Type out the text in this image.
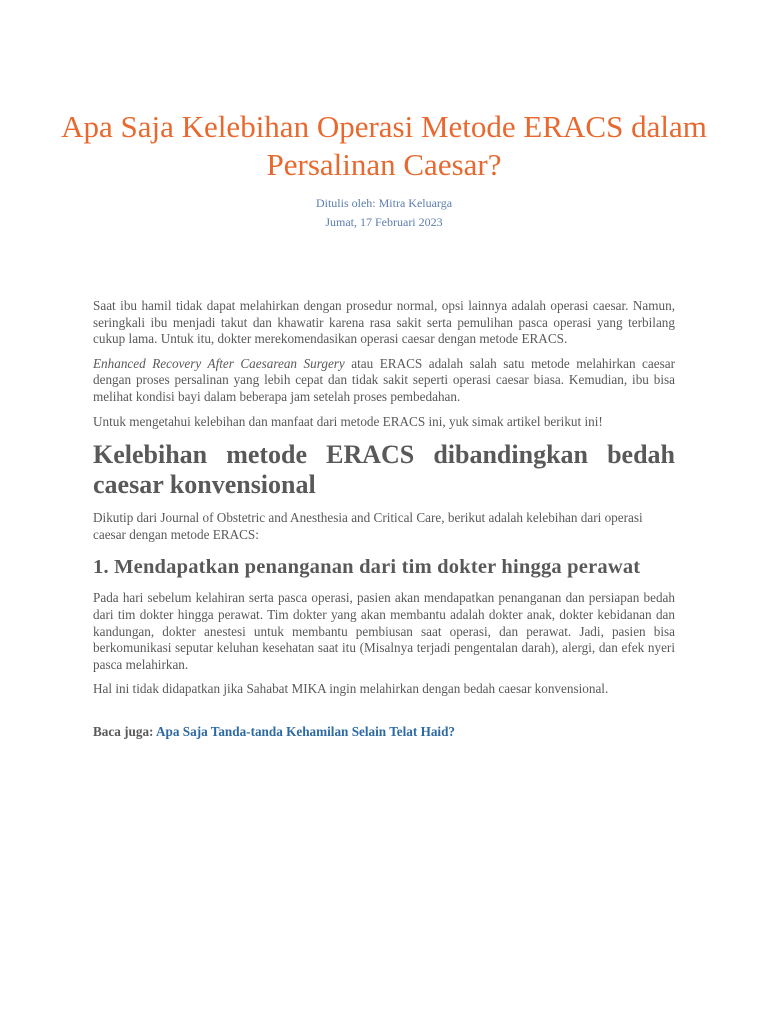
Apa Saja Kelebihan Operasi Metode ERACS dalam Persalinan Caesar?
Ditulis oleh: Mitra Keluarga
Jumat, 17 Februari 2023

Saat ibu hamil tidak dapat melahirkan dengan prosedur normal, opsi lainnya adalah operasi caesar. Namun, seringkali ibu menjadi takut dan khawatir karena rasa sakit serta pemulihan pasca operasi yang terbilang cukup lama. Untuk itu, dokter merekomendasikan operasi caesar dengan metode ERACS.

Enhanced Recovery After Caesarean Surgery atau ERACS adalah salah satu metode melahirkan caesar dengan proses persalinan yang lebih cepat dan tidak sakit seperti operasi caesar biasa. Kemudian, ibu bisa melihat kondisi bayi dalam beberapa jam setelah proses pembedahan.

Untuk mengetahui kelebihan dan manfaat dari metode ERACS ini, yuk simak artikel berikut ini!

Kelebihan metode ERACS dibandingkan bedah caesar konvensional

Dikutip dari Journal of Obstetric and Anesthesia and Critical Care, berikut adalah kelebihan dari operasi caesar dengan metode ERACS:

1. Mendapatkan penanganan dari tim dokter hingga perawat

Pada hari sebelum kelahiran serta pasca operasi, pasien akan mendapatkan penanganan dan persiapan bedah dari tim dokter hingga perawat. Tim dokter yang akan membantu adalah dokter anak, dokter kebidanan dan kandungan, dokter anestesi untuk membantu pembiusan saat operasi, dan perawat. Jadi, pasien bisa berkomunikasi seputar keluhan kesehatan saat itu (Misalnya terjadi pengentalan darah), alergi, dan efek nyeri pasca melahirkan.

Hal ini tidak didapatkan jika Sahabat MIKA ingin melahirkan dengan bedah caesar konvensional.

Baca juga: Apa Saja Tanda-tanda Kehamilan Selain Telat Haid?
